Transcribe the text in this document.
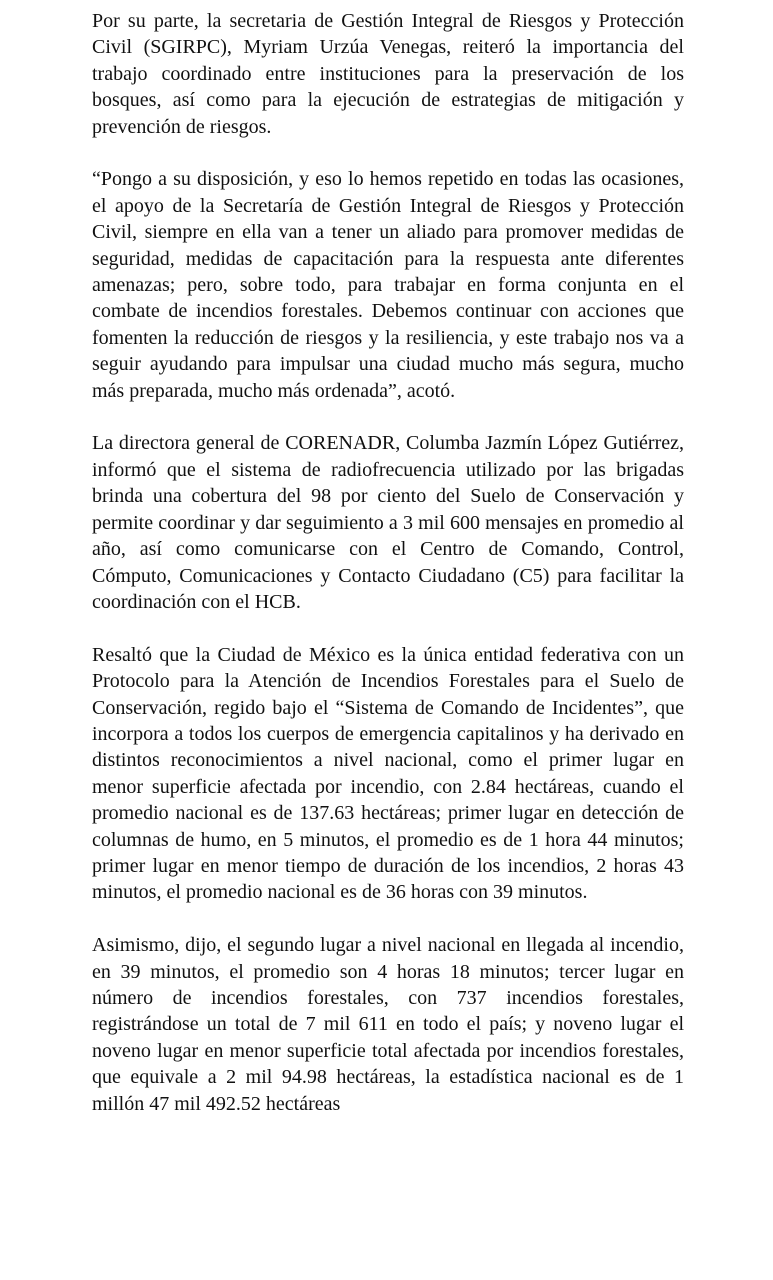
Por su parte, la secretaria de Gestión Integral de Riesgos y Protección Civil (SGIRPC), Myriam Urzúa Venegas, reiteró la importancia del trabajo coordinado entre instituciones para la preservación de los bosques, así como para la ejecución de estrategias de mitigación y prevención de riesgos.

“Pongo a su disposición, y eso lo hemos repetido en todas las ocasiones, el apoyo de la Secretaría de Gestión Integral de Riesgos y Protección Civil, siempre en ella van a tener un aliado para promover medidas de seguridad, medidas de capacitación para la respuesta ante diferentes amenazas; pero, sobre todo, para trabajar en forma conjunta en el combate de incendios forestales. Debemos continuar con acciones que fomenten la reducción de riesgos y la resiliencia, y este trabajo nos va a seguir ayudando para impulsar una ciudad mucho más segura, mucho más preparada, mucho más ordenada”, acotó.

La directora general de CORENADR, Columba Jazmín López Gutiérrez, informó que el sistema de radiofrecuencia utilizado por las brigadas brinda una cobertura del 98 por ciento del Suelo de Conservación y permite coordinar y dar seguimiento a 3 mil 600 mensajes en promedio al año, así como comunicarse con el Centro de Comando, Control, Cómputo, Comunicaciones y Contacto Ciudadano (C5) para facilitar la coordinación con el HCB.

Resaltó que la Ciudad de México es la única entidad federativa con un Protocolo para la Atención de Incendios Forestales para el Suelo de Conservación, regido bajo el “Sistema de Comando de Incidentes”, que incorpora a todos los cuerpos de emergencia capitalinos y ha derivado en distintos reconocimientos a nivel nacional, como el primer lugar en menor superficie afectada por incendio, con 2.84 hectáreas, cuando el promedio nacional es de 137.63 hectáreas; primer lugar en detección de columnas de humo, en 5 minutos, el promedio es de 1 hora 44 minutos; primer lugar en menor tiempo de duración de los incendios, 2 horas 43 minutos, el promedio nacional es de 36 horas con 39 minutos.

Asimismo, dijo, el segundo lugar a nivel nacional en llegada al incendio, en 39 minutos, el promedio son 4 horas 18 minutos; tercer lugar en número de incendios forestales, con 737 incendios forestales, registrándose un total de 7 mil 611 en todo el país; y noveno lugar el noveno lugar en menor superficie total afectada por incendios forestales, que equivale a 2 mil 94.98 hectáreas, la estadística nacional es de 1 millón 47 mil 492.52 hectáreas
